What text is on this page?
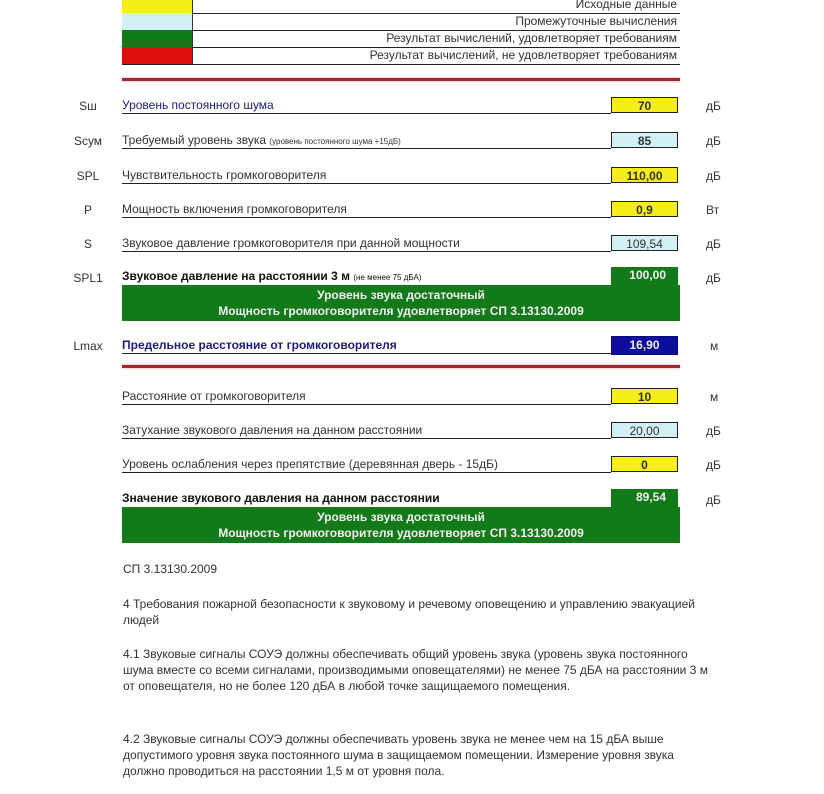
Исходные данные
Промежуточные вычисления
Результат вычислений, удовлетворяет требованиям
Результат вычислений, не удовлетворяет требованиям
Sш	Уровень постоянного шума	70	дБ
Sсум	Требуемый уровень звука (уровень постоянного шума +15дБ)	85	дБ
SPL	Чувствительность громкоговорителя	110,00	дБ
P	Мощность включения громкоговорителя	0,9	Вт
S	Звуковое давление громкоговорителя при данной мощности	109,54	дБ
SPL1	Звуковое давление на расстоянии 3 м (не менее 75 дБА)	100,00	дБ
Уровень звука достаточный
Мощность громкоговорителя удовлетворяет СП 3.13130.2009
Lmax	Предельное расстояние от громкоговорителя	16,90	м
Расстояние от громкоговорителя	10	м
Затухание звукового давления на данном расстоянии	20,00	дБ
Уровень ослабления через препятствие (деревянная дверь - 15дБ)	0	дБ
Значение звукового давления на данном расстоянии	89,54	дБ
Уровень звука достаточный
Мощность громкоговорителя удовлетворяет СП 3.13130.2009
СП 3.13130.2009
4 Требования пожарной безопасности к звуковому и речевому оповещению и управлению эвакуацией людей
4.1 Звуковые сигналы СОУЭ должны обеспечивать общий уровень звука (уровень звука постоянного шума вместе со всеми сигналами, производимыми оповещателями) не менее 75 дБА на расстоянии 3 м от оповещателя, но не более 120 дБА в любой точке защищаемого помещения.
4.2 Звуковые сигналы СОУЭ должны обеспечивать уровень звука не менее чем на 15 дБА выше допустимого уровня звука постоянного шума в защищаемом помещении. Измерение уровня звука должно проводиться на расстоянии 1,5 м от уровня пола.
